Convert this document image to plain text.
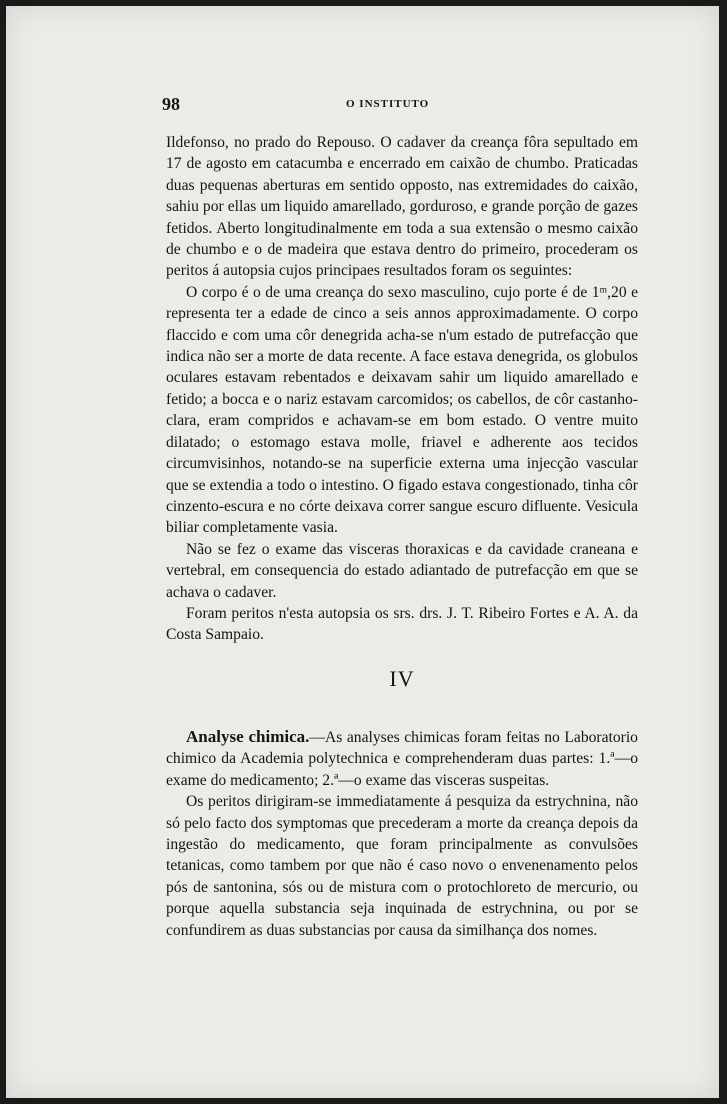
98	O INSTITUTO

Ildefonso, no prado do Repouso. O cadaver da creança fôra sepultado em 17 de agosto em catacumba e encerrado em caixão de chumbo. Praticadas duas pequenas aberturas em sentido opposto, nas extremidades do caixão, sahiu por ellas um liquido amarellado, gorduroso, e grande porção de gazes fetidos. Aberto longitudinalmente em toda a sua extensão o mesmo caixão de chumbo e o de madeira que estava dentro do primeiro, procederam os peritos á autopsia cujos principaes resultados foram os seguintes:

O corpo é o de uma creança do sexo masculino, cujo porte é de 1ᵐ,20 e representa ter a edade de cinco a seis annos approximadamente. O corpo flaccido e com uma côr denegrida acha-se n'um estado de putrefacção que indica não ser a morte de data recente. A face estava denegrida, os globulos oculares estavam rebentados e deixavam sahir um liquido amarellado e fetido; a bocca e o nariz estavam carcomidos; os cabellos, de côr castanho-clara, eram compridos e achavam-se em bom estado. O ventre muito dilatado; o estomago estava molle, friavel e adherente aos tecidos circumvisinhos, notando-se na superficie externa uma injecção vascular que se extendia a todo o intestino. O figado estava congestionado, tinha côr cinzento-escura e no córte deixava correr sangue escuro difluente. Vesicula biliar completamente vasia.

Não se fez o exame das visceras thoraxicas e da cavidade craneana e vertebral, em consequencia do estado adiantado de putrefacção em que se achava o cadaver.

Foram peritos n'esta autopsia os srs. drs. J. T. Ribeiro Fortes e A. A. da Costa Sampaio.

IV

Analyse chimica.—As analyses chimicas foram feitas no Laboratorio chimico da Academia polytechnica e comprehenderam duas partes: 1.ª—o exame do medicamento; 2.ª—o exame das visceras suspeitas.

Os peritos dirigiram-se immediatamente á pesquiza da estrychnina, não só pelo facto dos symptomas que precederam a morte da creança depois da ingestão do medicamento, que foram principalmente as convulsões tetanicas, como tambem por que não é caso novo o envenenamento pelos pós de santonina, sós ou de mistura com o protochloreto de mercurio, ou porque aquella substancia seja inquinada de estrychnina, ou por se confundirem as duas substancias por causa da similhança dos nomes.
